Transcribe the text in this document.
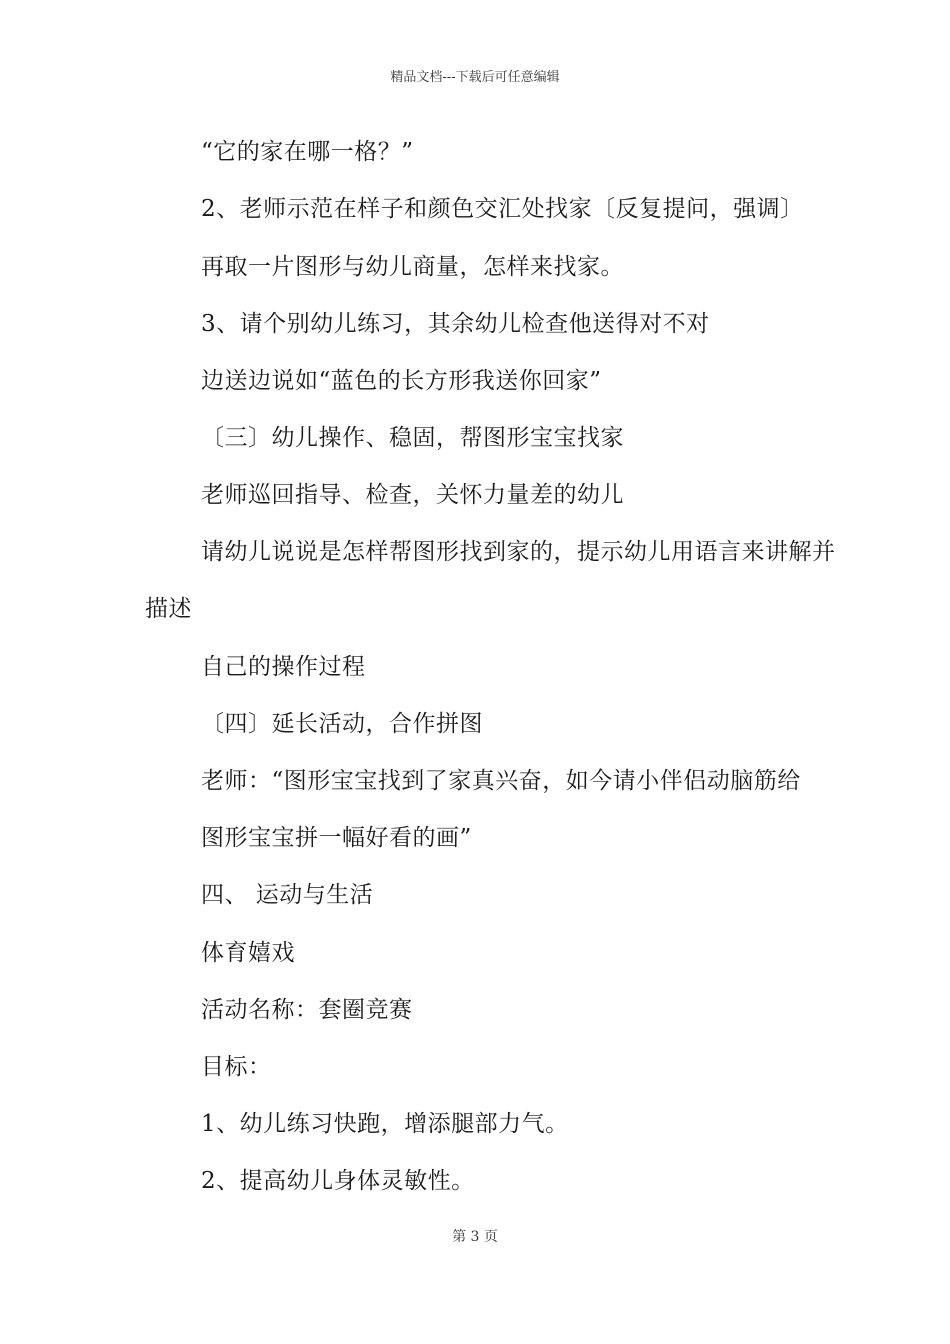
精品文档---下载后可任意编辑
“它的家在哪一格？”
2、老师示范在样子和颜色交汇处找家〔反复提问，强调〕
再取一片图形与幼儿商量，怎样来找家。
3、请个别幼儿练习，其余幼儿检查他送得对不对
边送边说如“蓝色的长方形我送你回家”
〔三〕幼儿操作、稳固，帮图形宝宝找家
老师巡回指导、检查，关怀力量差的幼儿
请幼儿说说是怎样帮图形找到家的，提示幼儿用语言来讲解并
描述
自己的操作过程
〔四〕延长活动，合作拼图
老师：“图形宝宝找到了家真兴奋，如今请小伴侣动脑筋给
图形宝宝拼一幅好看的画”
四、 运动与生活
体育嬉戏
活动名称：套圈竞赛
目标：
1、幼儿练习快跑，增添腿部力气。
2、提高幼儿身体灵敏性。
第 3 页
